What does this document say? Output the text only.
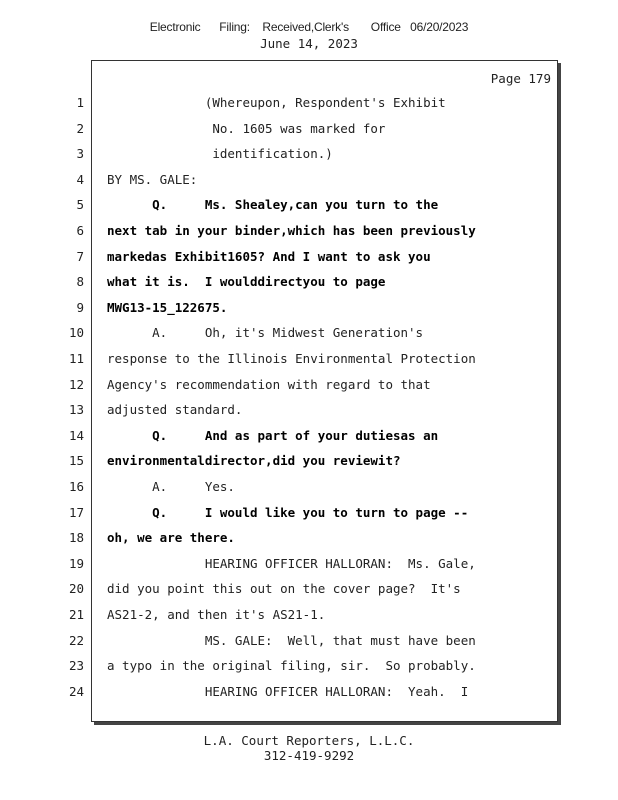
Electronic      Filing:    Received,Clerk's       Office   06/20/2023
June 14, 2023
Page 179
1 (Whereupon, Respondent's Exhibit
2 No. 1605 was marked for
3 identification.)
4 BY MS. GALE:
5 Q.     Ms. Shealey,can you turn to the
6 next tab in your binder,which has been previously
7 markedas Exhibit1605? And I want to ask you
8 what it is.  I woulddirectyou to page
9 MWG13-15_122675.
10 A.     Oh, it's Midwest Generation's
11 response to the Illinois Environmental Protection
12 Agency's recommendation with regard to that
13 adjusted standard.
14 Q.     And as part of your dutiesas an
15 environmentaldirector,did you reviewit?
16 A.     Yes.
17 Q.     I would like you to turn to page --
18 oh, we are there.
19 HEARING OFFICER HALLORAN:  Ms. Gale,
20 did you point this out on the cover page?  It's
21 AS21-2, and then it's AS21-1.
22 MS. GALE:  Well, that must have been
23 a typo in the original filing, sir.  So probably.
24 HEARING OFFICER HALLORAN:  Yeah.  I
L.A. Court Reporters, L.L.C.
312-419-9292
